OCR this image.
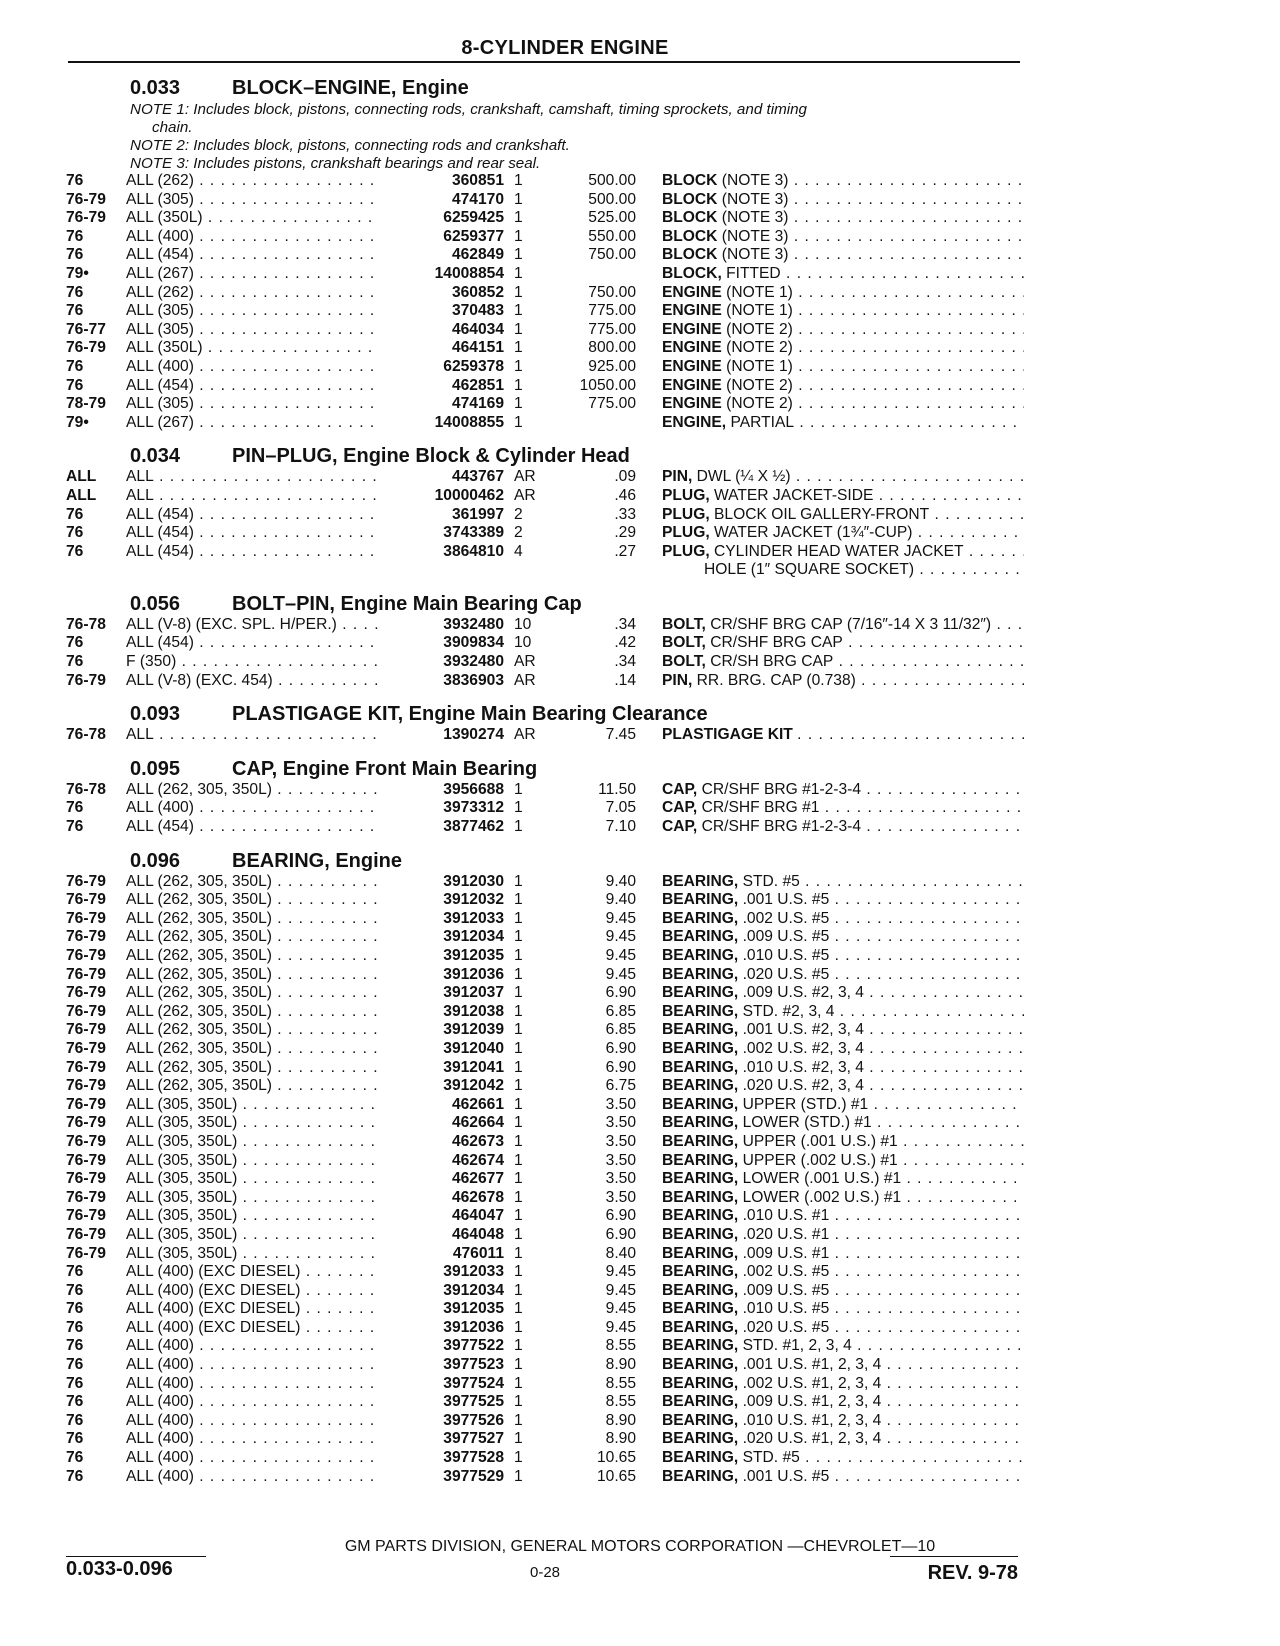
8-CYLINDER ENGINE
0.033	BLOCK–ENGINE, Engine
NOTE 1: Includes block, pistons, connecting rods, crankshaft, camshaft, timing sprockets, and timing
chain.
NOTE 2: Includes block, pistons, connecting rods and crankshaft.
NOTE 3: Includes pistons, crankshaft bearings and rear seal.
76	ALL (262) . . .	360851 1	500.00 BLOCK (NOTE 3) . . .
76-79 ALL (305) . . .	474170 1	500.00 BLOCK (NOTE 3) . . .
76-79 ALL (350L) . . .	6259425 1	525.00 BLOCK (NOTE 3) . . .
76	ALL (400) . . .	6259377 1	550.00 BLOCK (NOTE 3) . . .
76	ALL (454) . . .	462849 1	750.00 BLOCK (NOTE 3) . . .
79• ALL (267) . . .	14008854 1	BLOCK, FITTED . . .
76	ALL (262) . . .	360852 1	750.00 ENGINE (NOTE 1) . . .
76	ALL (305) . . .	370483 1	775.00 ENGINE (NOTE 1) . . .
76-77 ALL (305) . . .	464034 1	775.00 ENGINE (NOTE 2) . . .
76-79 ALL (350L) . . .	464151 1	800.00 ENGINE (NOTE 2) . . .
76	ALL (400) . . .	6259378 1	925.00 ENGINE (NOTE 1) . . .
76	ALL (454) . . .	462851 1	1050.00 ENGINE (NOTE 2) . . .
78-79 ALL (305) . . .	474169 1	775.00 ENGINE (NOTE 2) . . .
79• ALL (267) . . .	14008855 1	ENGINE, PARTIAL . . .
0.034	PIN–PLUG, Engine Block & Cylinder Head
ALL ALL . . .	443767 AR	.09 PIN, DWL (¼ X ½) . . .
ALL ALL . . .	10000462 AR	.46 PLUG, WATER JACKET-SIDE . . .
76	ALL (454) . . .	361997 2	.33 PLUG, BLOCK OIL GALLERY-FRONT . . .
76	ALL (454) . . .	3743389 2	.29 PLUG, WATER JACKET (1¾″-CUP) . . .
76	ALL (454) . . .	3864810 4	.27 PLUG, CYLINDER HEAD WATER JACKET . . .
HOLE (1″ SQUARE SOCKET) . . .
0.056	BOLT–PIN, Engine Main Bearing Cap
76-78 ALL (V-8) (EXC. SPL. H/PER.) . . .	3932480 10	.34 BOLT, CR/SHF BRG CAP (7/16″-14 X 3 11/32″) . . .
76	ALL (454) . . .	3909834 10	.42 BOLT, CR/SHF BRG CAP . . .
76	F (350) . . .	3932480 AR	.34 BOLT, CR/SH BRG CAP . . .
76-79 ALL (V-8) (EXC. 454) . . .	3836903 AR	.14 PIN, RR. BRG. CAP (0.738) . . .
0.093	PLASTIGAGE KIT, Engine Main Bearing Clearance
76-78 ALL . . .	1390274 AR	7.45 PLASTIGAGE KIT . . .
0.095	CAP, Engine Front Main Bearing
76-78 ALL (262, 305, 350L) . . .	3956688 1	11.50 CAP, CR/SHF BRG #1-2-3-4 . . .
76	ALL (400) . . .	3973312 1	7.05 CAP, CR/SHF BRG #1 . . .
76	ALL (454) . . .	3877462 1	7.10 CAP, CR/SHF BRG #1-2-3-4 . . .
0.096	BEARING, Engine
76-79 ALL (262, 305, 350L) . . .	3912030 1	9.40 BEARING, STD. #5 . . .
76-79 ALL (262, 305, 350L) . . .	3912032 1	9.40 BEARING, .001 U.S. #5 . . .
76-79 ALL (262, 305, 350L) . . .	3912033 1	9.45 BEARING, .002 U.S. #5 . . .
76-79 ALL (262, 305, 350L) . . .	3912034 1	9.45 BEARING, .009 U.S. #5 . . .
76-79 ALL (262, 305, 350L) . . .	3912035 1	9.45 BEARING, .010 U.S. #5 . . .
76-79 ALL (262, 305, 350L) . . .	3912036 1	9.45 BEARING, .020 U.S. #5 . . .
76-79 ALL (262, 305, 350L) . . .	3912037 1	6.90 BEARING, .009 U.S. #2, 3, 4 . . .
76-79 ALL (262, 305, 350L) . . .	3912038 1	6.85 BEARING, STD. #2, 3, 4 . . .
76-79 ALL (262, 305, 350L) . . .	3912039 1	6.85 BEARING, .001 U.S. #2, 3, 4 . . .
76-79 ALL (262, 305, 350L) . . .	3912040 1	6.90 BEARING, .002 U.S. #2, 3, 4 . . .
76-79 ALL (262, 305, 350L) . . .	3912041 1	6.90 BEARING, .010 U.S. #2, 3, 4 . . .
76-79 ALL (262, 305, 350L) . . .	3912042 1	6.75 BEARING, .020 U.S. #2, 3, 4 . . .
76-79 ALL (305, 350L) . . .	462661 1	3.50 BEARING, UPPER (STD.) #1 . . .
76-79 ALL (305, 350L) . . .	462664 1	3.50 BEARING, LOWER (STD.) #1 . . .
76-79 ALL (305, 350L) . . .	462673 1	3.50 BEARING, UPPER (.001 U.S.) #1 . . .
76-79 ALL (305, 350L) . . .	462674 1	3.50 BEARING, UPPER (.002 U.S.) #1 . . .
76-79 ALL (305, 350L) . . .	462677 1	3.50 BEARING, LOWER (.001 U.S.) #1 . . .
76-79 ALL (305, 350L) . . .	462678 1	3.50 BEARING, LOWER (.002 U.S.) #1 . . .
76-79 ALL (305, 350L) . . .	464047 1	6.90 BEARING, .010 U.S. #1 . . .
76-79 ALL (305, 350L) . . .	464048 1	6.90 BEARING, .020 U.S. #1 . . .
76-79 ALL (305, 350L) . . .	476011 1	8.40 BEARING, .009 U.S. #1 . . .
76	ALL (400) (EXC DIESEL) . . .	3912033 1	9.45 BEARING, .002 U.S. #5 . . .
76	ALL (400) (EXC DIESEL) . . .	3912034 1	9.45 BEARING, .009 U.S. #5 . . .
76	ALL (400) (EXC DIESEL) . . .	3912035 1	9.45 BEARING, .010 U.S. #5 . . .
76	ALL (400) (EXC DIESEL) . . .	3912036 1	9.45 BEARING, .020 U.S. #5 . . .
76	ALL (400) . . .	3977522 1	8.55 BEARING, STD. #1, 2, 3, 4 . . .
76	ALL (400) . . .	3977523 1	8.90 BEARING, .001 U.S. #1, 2, 3, 4 . . .
76	ALL (400) . . .	3977524 1	8.55 BEARING, .002 U.S. #1, 2, 3, 4 . . .
76	ALL (400) . . .	3977525 1	8.55 BEARING, .009 U.S. #1, 2, 3, 4 . . .
76	ALL (400) . . .	3977526 1	8.90 BEARING, .010 U.S. #1, 2, 3, 4 . . .
76	ALL (400) . . .	3977527 1	8.90 BEARING, .020 U.S. #1, 2, 3, 4 . . .
76	ALL (400) . . .	3977528 1	10.65 BEARING, STD. #5 . . .
76	ALL (400) . . .	3977529 1	10.65 BEARING, .001 U.S. #5 . . .
GM PARTS DIVISION, GENERAL MOTORS CORPORATION —CHEVROLET—10
0.033-0.096	0-28	REV. 9-78
